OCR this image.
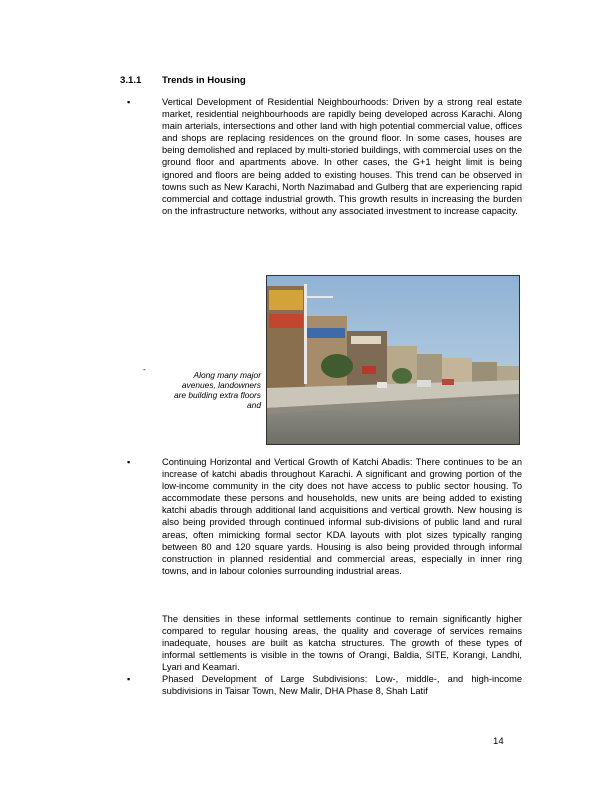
3.1.1 Trends in Housing
▪	Vertical Development of Residential Neighbourhoods: Driven by a strong real estate market, residential neighbourhoods are rapidly being developed across Karachi. Along main arterials, intersections and other land with high potential commercial value, offices and shops are replacing residences on the ground floor. In some cases, houses are being demolished and replaced by multi-storied buildings, with commercial uses on the ground floor and apartments above. In other cases, the G+1 height limit is being ignored and floors are being added to existing houses. This trend can be observed in towns such as New Karachi, North Nazimabad and Gulberg that are experiencing rapid commercial and cottage industrial growth. This growth results in increasing the burden on the infrastructure networks, without any associated investment to increase capacity.

-
Along many major avenues, landowners are building extra floors and
▪	Continuing Horizontal and Vertical Growth of Katchi Abadis: There continues to be an increase of katchi abadis throughout Karachi. A significant and growing portion of the low-income community in the city does not have access to public sector housing. To accommodate these persons and households, new units are being added to existing katchi abadis through additional land acquisitions and vertical growth. New housing is also being provided through continued informal sub-divisions of public land and rural areas, often mimicking formal sector KDA layouts with plot sizes typically ranging between 80 and 120 square yards. Housing is also being provided through informal construction in planned residential and commercial areas, especially in inner ring towns, and in labour colonies surrounding industrial areas.

The densities in these informal settlements continue to remain significantly higher compared to regular housing areas, the quality and coverage of services remains inadequate, houses are built as katcha structures. The growth of these types of informal settlements is visible in the towns of Orangi, Baldia, SITE, Korangi, Landhi, Lyari and Keamari.

▪	Phased Development of Large Subdivisions: Low-, middle-, and high-income subdivisions in Taisar Town, New Malir, DHA Phase 8, Shah Latif

14
